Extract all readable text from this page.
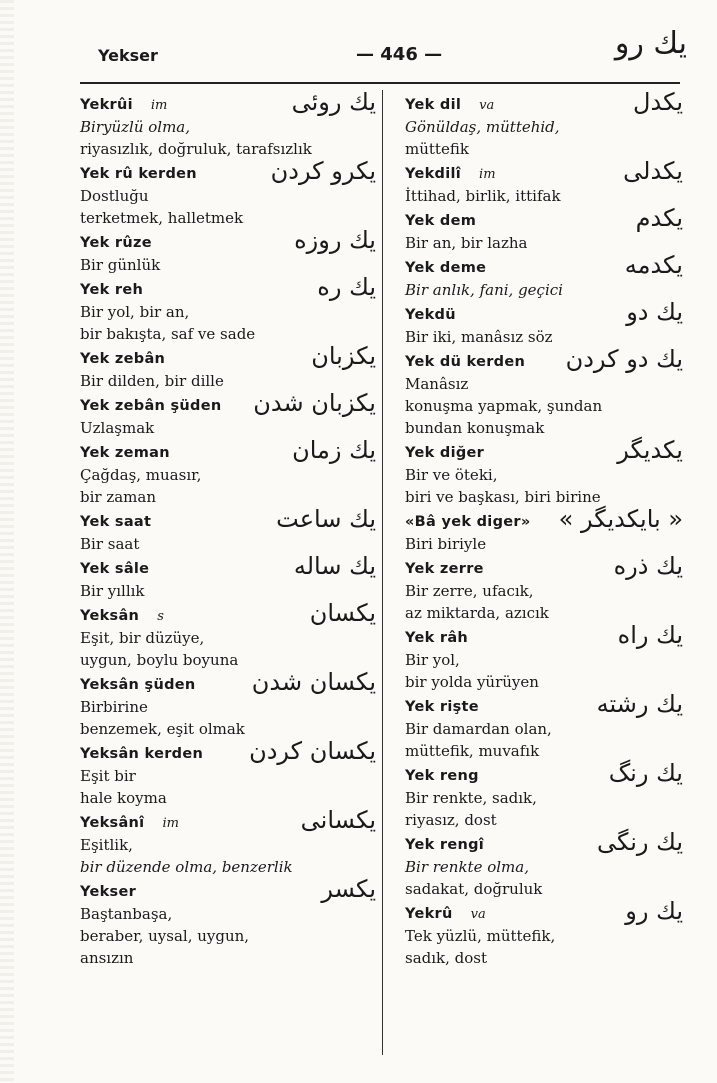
Yekser	— 446 —	يك رو
Yekrûi im	يك روئى
Biryüzlü olma,
riyasızlık, doğruluk, tarafsızlık
Yek rû kerden	يكرو كردن
Dostluğu
terketmek, halletmek
Yek rûze	يك روزه
Bir günlük
Yek reh	يك ره
Bir yol, bir an,
bir bakışta, saf ve sade
Yek zebân	يكزبان
Bir dilden, bir dille
Yek zebân şüden يكزبان شدن
Uzlaşmak
Yek zeman	يك زمان
Çağdaş, muasır,
bir zaman
Yek saat	يك ساعت
Bir saat
Yek sâle	يك ساله
Bir yıllık
Yeksân s	يكسان
Eşit, bir düzüye,
uygun, boylu boyuna
Yeksân şüden يكسان شدن
Birbirine
benzemek, eşit olmak
Yeksân kerden يكسان كردن
Eşit bir
hale koyma
Yeksânî im	يكسانى
Eşitlik,
bir düzende olma, benzerlik
Yekser	يكسر
Baştanbaşa,
beraber, uysal, uygun,
ansızın
Yek dil va	يكدل
Gönüldaş, müttehid,
müttefik
Yekdilî im	يكدلى
İttihad, birlik, ittifak
Yek dem	يكدم
Bir an, bir lazha
Yek deme	يكدمه
Bir anlık, fani, geçici
Yekdü	يك دو
Bir iki, manâsız söz
Yek dü kerden يك دو كردن
Manâsız
konuşma yapmak, şundan
bundan konuşmak
Yek diğer	يكديگر
Bir ve öteki,
biri ve başkası, biri birine
«Bâ yek diger» « بايكديگر »
Biri biriyle
Yek zerre	يك ذره
Bir zerre, ufacık,
az miktarda, azıcık
Yek râh	يك راه
Bir yol,
bir yolda yürüyen
Yek rişte	يك رشته
Bir damardan olan,
müttefik, muvafık
Yek reng	يك رنگ
Bir renkte, sadık,
riyasız, dost
Yek rengî	يك رنگى
Bir renkte olma,
sadakat, doğruluk
Yekrû va	يك رو
Tek yüzlü, müttefik,
sadık, dost
